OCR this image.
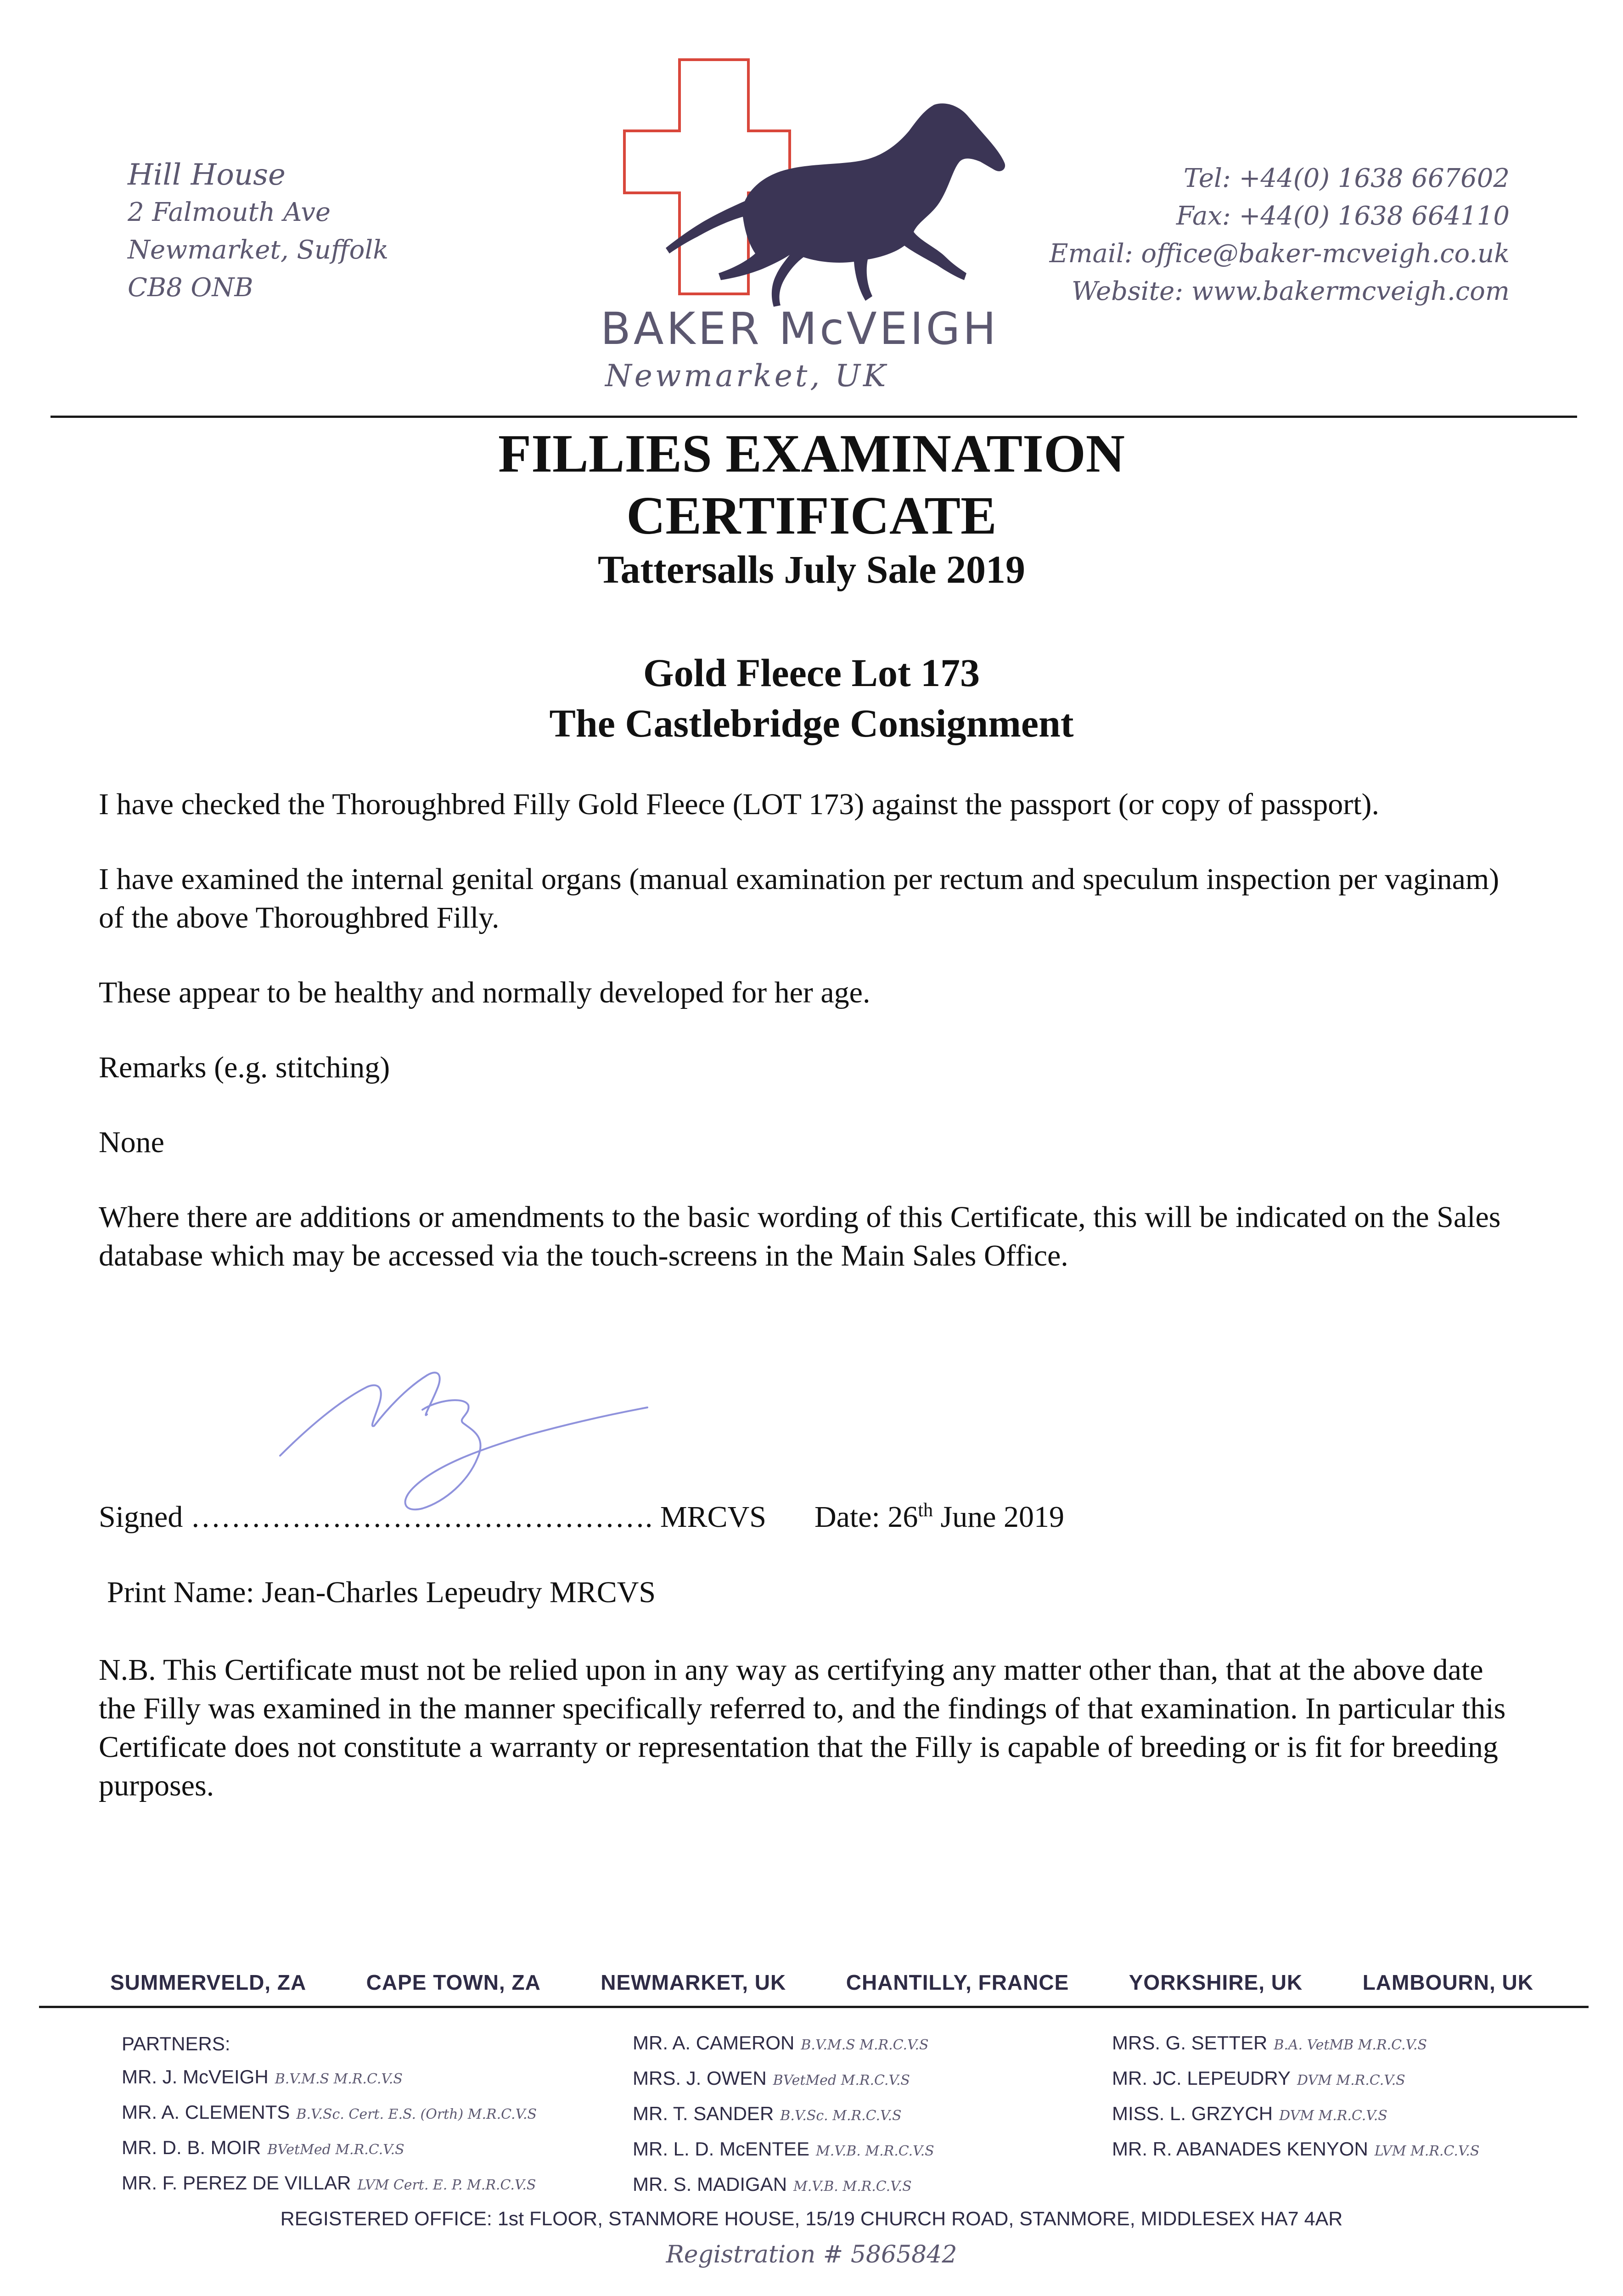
Hill House
2 Falmouth Ave
Newmarket, Suffolk
CB8 ONB
BAKER McVEIGH
Newmarket, UK
Tel: +44(0) 1638 667602
Fax: +44(0) 1638 664110
Email: office@baker-mcveigh.co.uk
Website: www.bakermcveigh.com
FILLIES EXAMINATION
CERTIFICATE
Tattersalls July Sale 2019
Gold Fleece Lot 173
The Castlebridge Consignment

I have checked the Thoroughbred Filly Gold Fleece (LOT 173) against the passport (or copy of passport).

I have examined the internal genital organs (manual examination per rectum and speculum inspection per vaginam) of the above Thoroughbred Filly.

These appear to be healthy and normally developed for her age.

Remarks (e.g. stitching)

None

Where there are additions or amendments to the basic wording of this Certificate, this will be indicated on the Sales database which may be accessed via the touch-screens in the Main Sales Office.

Signed ………………………………………. MRCVS Date: 26th June 2019
Print Name: Jean-Charles Lepeudry MRCVS

N.B. This Certificate must not be relied upon in any way as certifying any matter other than, that at the above date the Filly was examined in the manner specifically referred to, and the findings of that examination. In particular this Certificate does not constitute a warranty or representation that the Filly is capable of breeding or is fit for breeding purposes.

SUMMERVELD, ZA	CAPE TOWN, ZA	NEWMARKET, UK	CHANTILLY, FRANCE	YORKSHIRE, UK	LAMBOURN, UK
PARTNERS:
MR. J. McVEIGH B.V.M.S M.R.C.V.S
MR. A. CLEMENTS B.V.Sc. Cert. E.S. (Orth) M.R.C.V.S
MR. D. B. MOIR BVetMed M.R.C.V.S
MR. F. PEREZ DE VILLAR LVM Cert. E. P. M.R.C.V.S
MR. A. CAMERON B.V.M.S M.R.C.V.S
MRS. J. OWEN BVetMed M.R.C.V.S
MR. T. SANDER B.V.Sc. M.R.C.V.S
MR. L. D. McENTEE M.V.B. M.R.C.V.S
MR. S. MADIGAN M.V.B. M.R.C.V.S
MRS. G. SETTER B.A. VetMB M.R.C.V.S
MR. JC. LEPEUDRY DVM M.R.C.V.S
MISS. L. GRZYCH DVM M.R.C.V.S
MR. R. ABANADES KENYON LVM M.R.C.V.S
REGISTERED OFFICE: 1st FLOOR, STANMORE HOUSE, 15/19 CHURCH ROAD, STANMORE, MIDDLESEX HA7 4AR
Registration # 5865842
